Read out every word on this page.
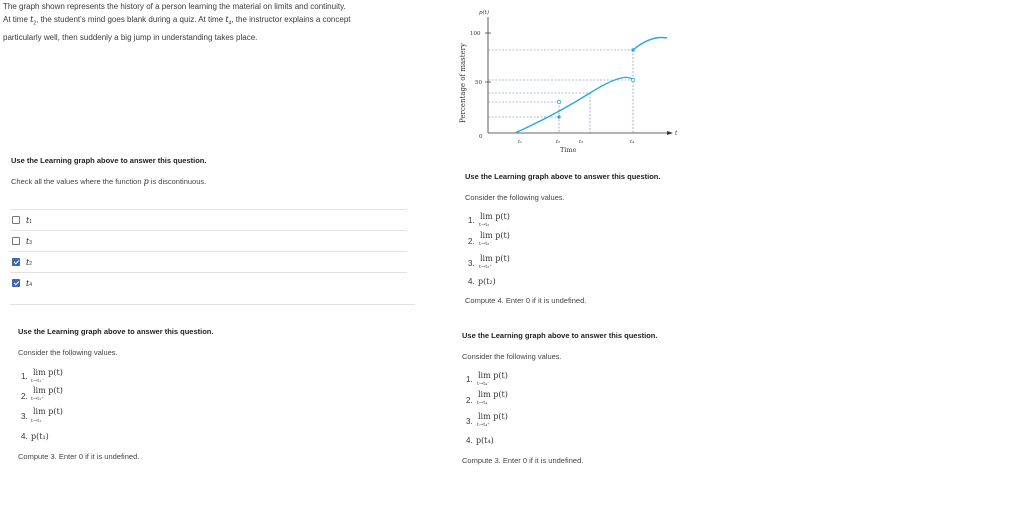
The graph shown represents the history of a person learning the material on limits and continuity.
At time $t_2$, the student's mind goes blank during a quiz. At time $t_4$, the instructor explains a concept
particularly well, then suddenly a big jump in understanding takes place.
Percentage of mastery
p(t)
t
100
50
0
t₁	t₂	t₃	t₄
Time
Use the Learning graph above to answer this question.
Check all the values where the function p is discontinuous.
t 1
t 3
t 2
t 4
Use the Learning graph above to answer this question.
Consider the following values.
1. lim p(t)
t→t₁⁻
2.
lim p(t)
t→t₁⁺
3.
lim p(t)
t→t₁
4. p(t₁)
Compute 3. Enter 0 if it is undefined.
Use the Learning graph above to answer this question.
Consider the following values.
1. lim p(t)
t→t₂
2.
lim p(t)
t→t₂⁻
3.
lim p(t)
t→t₂⁺
4. p(t₂)
Compute 4. Enter 0 if it is undefined.
Use the Learning graph above to answer this question.
Consider the following values.
1. lim p(t)
t→t₄⁻
2.
lim p(t)
t→t₄
3.
lim p(t)
t→t₄⁺
4. p(t₄)
Compute 3. Enter 0 if it is undefined.
